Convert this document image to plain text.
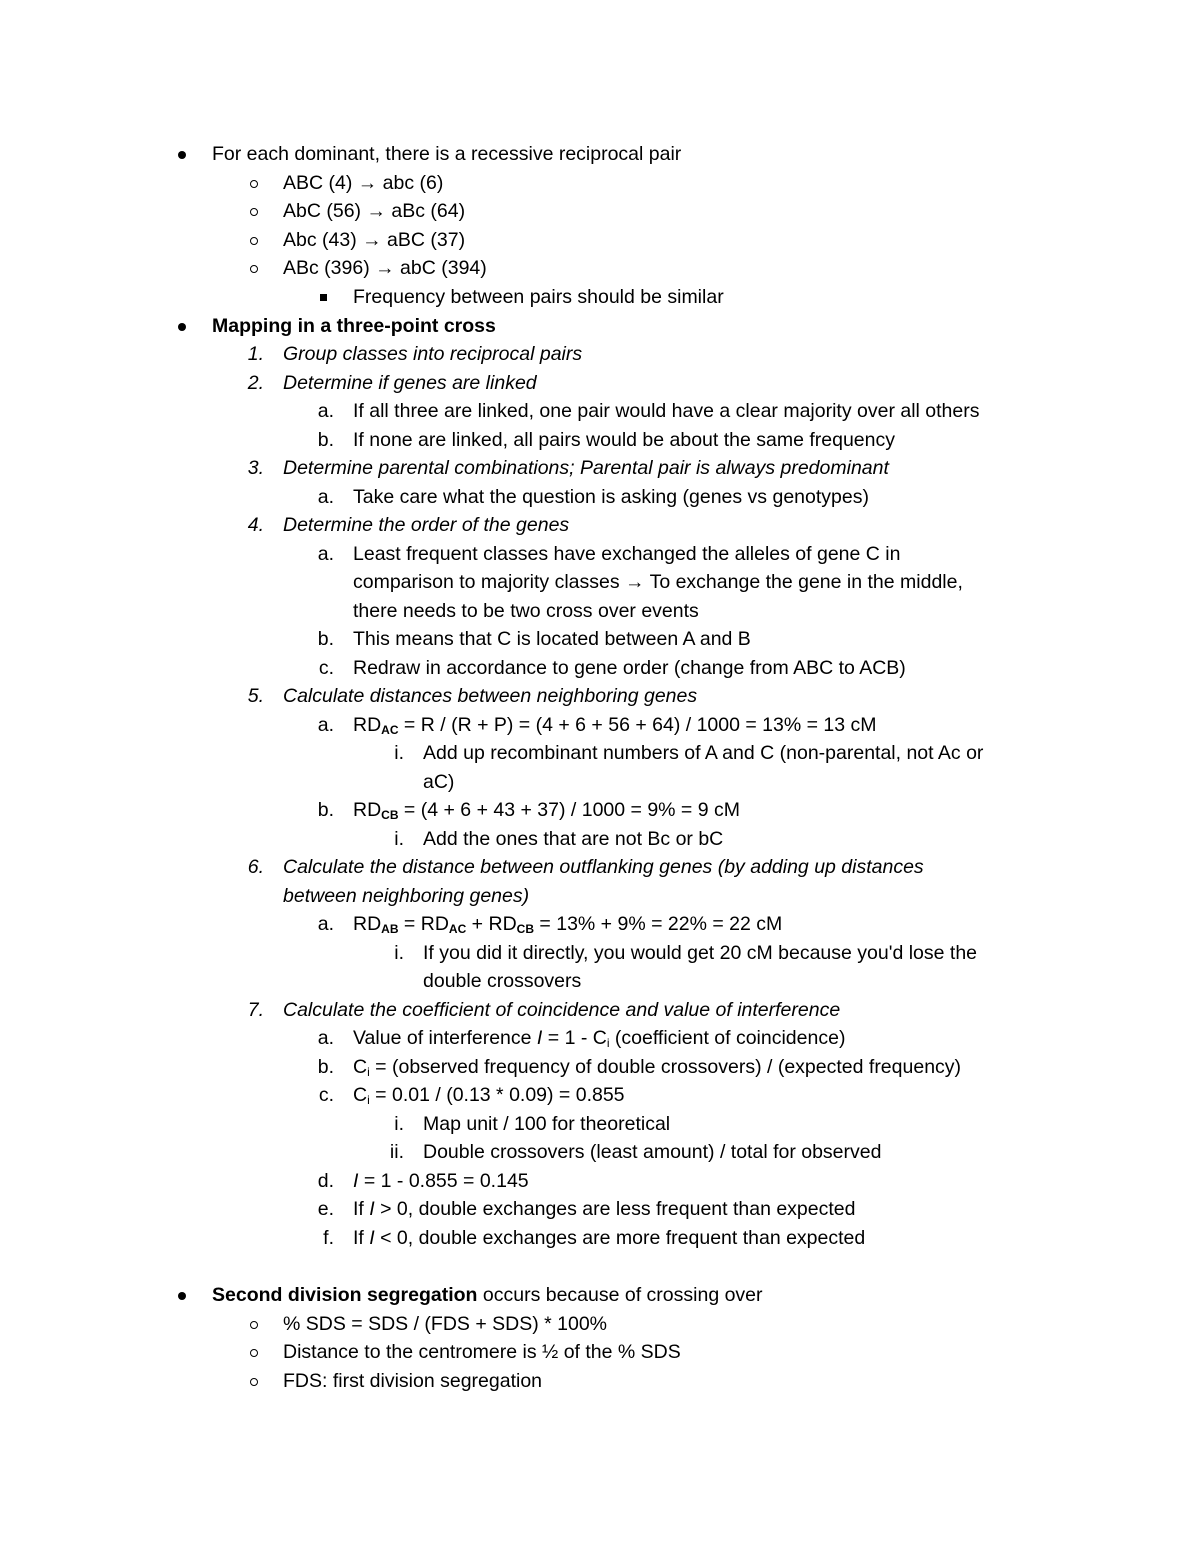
For each dominant, there is a recessive reciprocal pair
ABC (4) → abc (6)
AbC (56) → aBc (64)
Abc (43) → aBC (37)
ABc (396) → abC (394)
Frequency between pairs should be similar
Mapping in a three-point cross
1. Group classes into reciprocal pairs
2. Determine if genes are linked
a. If all three are linked, one pair would have a clear majority over all others
b. If none are linked, all pairs would be about the same frequency
3. Determine parental combinations; Parental pair is always predominant
a. Take care what the question is asking (genes vs genotypes)
4. Determine the order of the genes
a. Least frequent classes have exchanged the alleles of gene C in
comparison to majority classes → To exchange the gene in the middle,
there needs to be two cross over events
b. This means that C is located between A and B
c. Redraw in accordance to gene order (change from ABC to ACB)
5. Calculate distances between neighboring genes
a. $RD_{AC} = R / (R + P) = (4 + 6 + 56 + 64) / 1000 = 13\% = 13$ cM
i. Add up recombinant numbers of A and C (non-parental, not Ac or
aC)
b. $RD_{CB} = (4 + 6 + 43 + 37) / 1000 = 9\% = 9$ cM
i. Add the ones that are not Bc or bC
6. Calculate the distance between outflanking genes (by adding up distances
between neighboring genes)
a. $RD_{AB} = RD_{AC} + RD_{CB} = 13\% + 9\% = 22\% = 22$ cM
i. If you did it directly, you would get 20 cM because you'd lose the
double crossovers
7. Calculate the coefficient of coincidence and value of interference
a. Value of interference $I = 1 - C_i$ (coefficient of coincidence)
b. $C_i$ = (observed frequency of double crossovers) / (expected frequency)
c. $C_i = 0.01 / (0.13 * 0.09) = 0.855$
i. Map unit / 100 for theoretical
ii. Double crossovers (least amount) / total for observed
d. I = 1 - 0.855 = 0.145
e. If I > 0, double exchanges are less frequent than expected
f. If I < 0, double exchanges are more frequent than expected
Second division segregation occurs because of crossing over
% SDS = SDS / (FDS + SDS) * 100%
Distance to the centromere is ½ of the % SDS
FDS: first division segregation
